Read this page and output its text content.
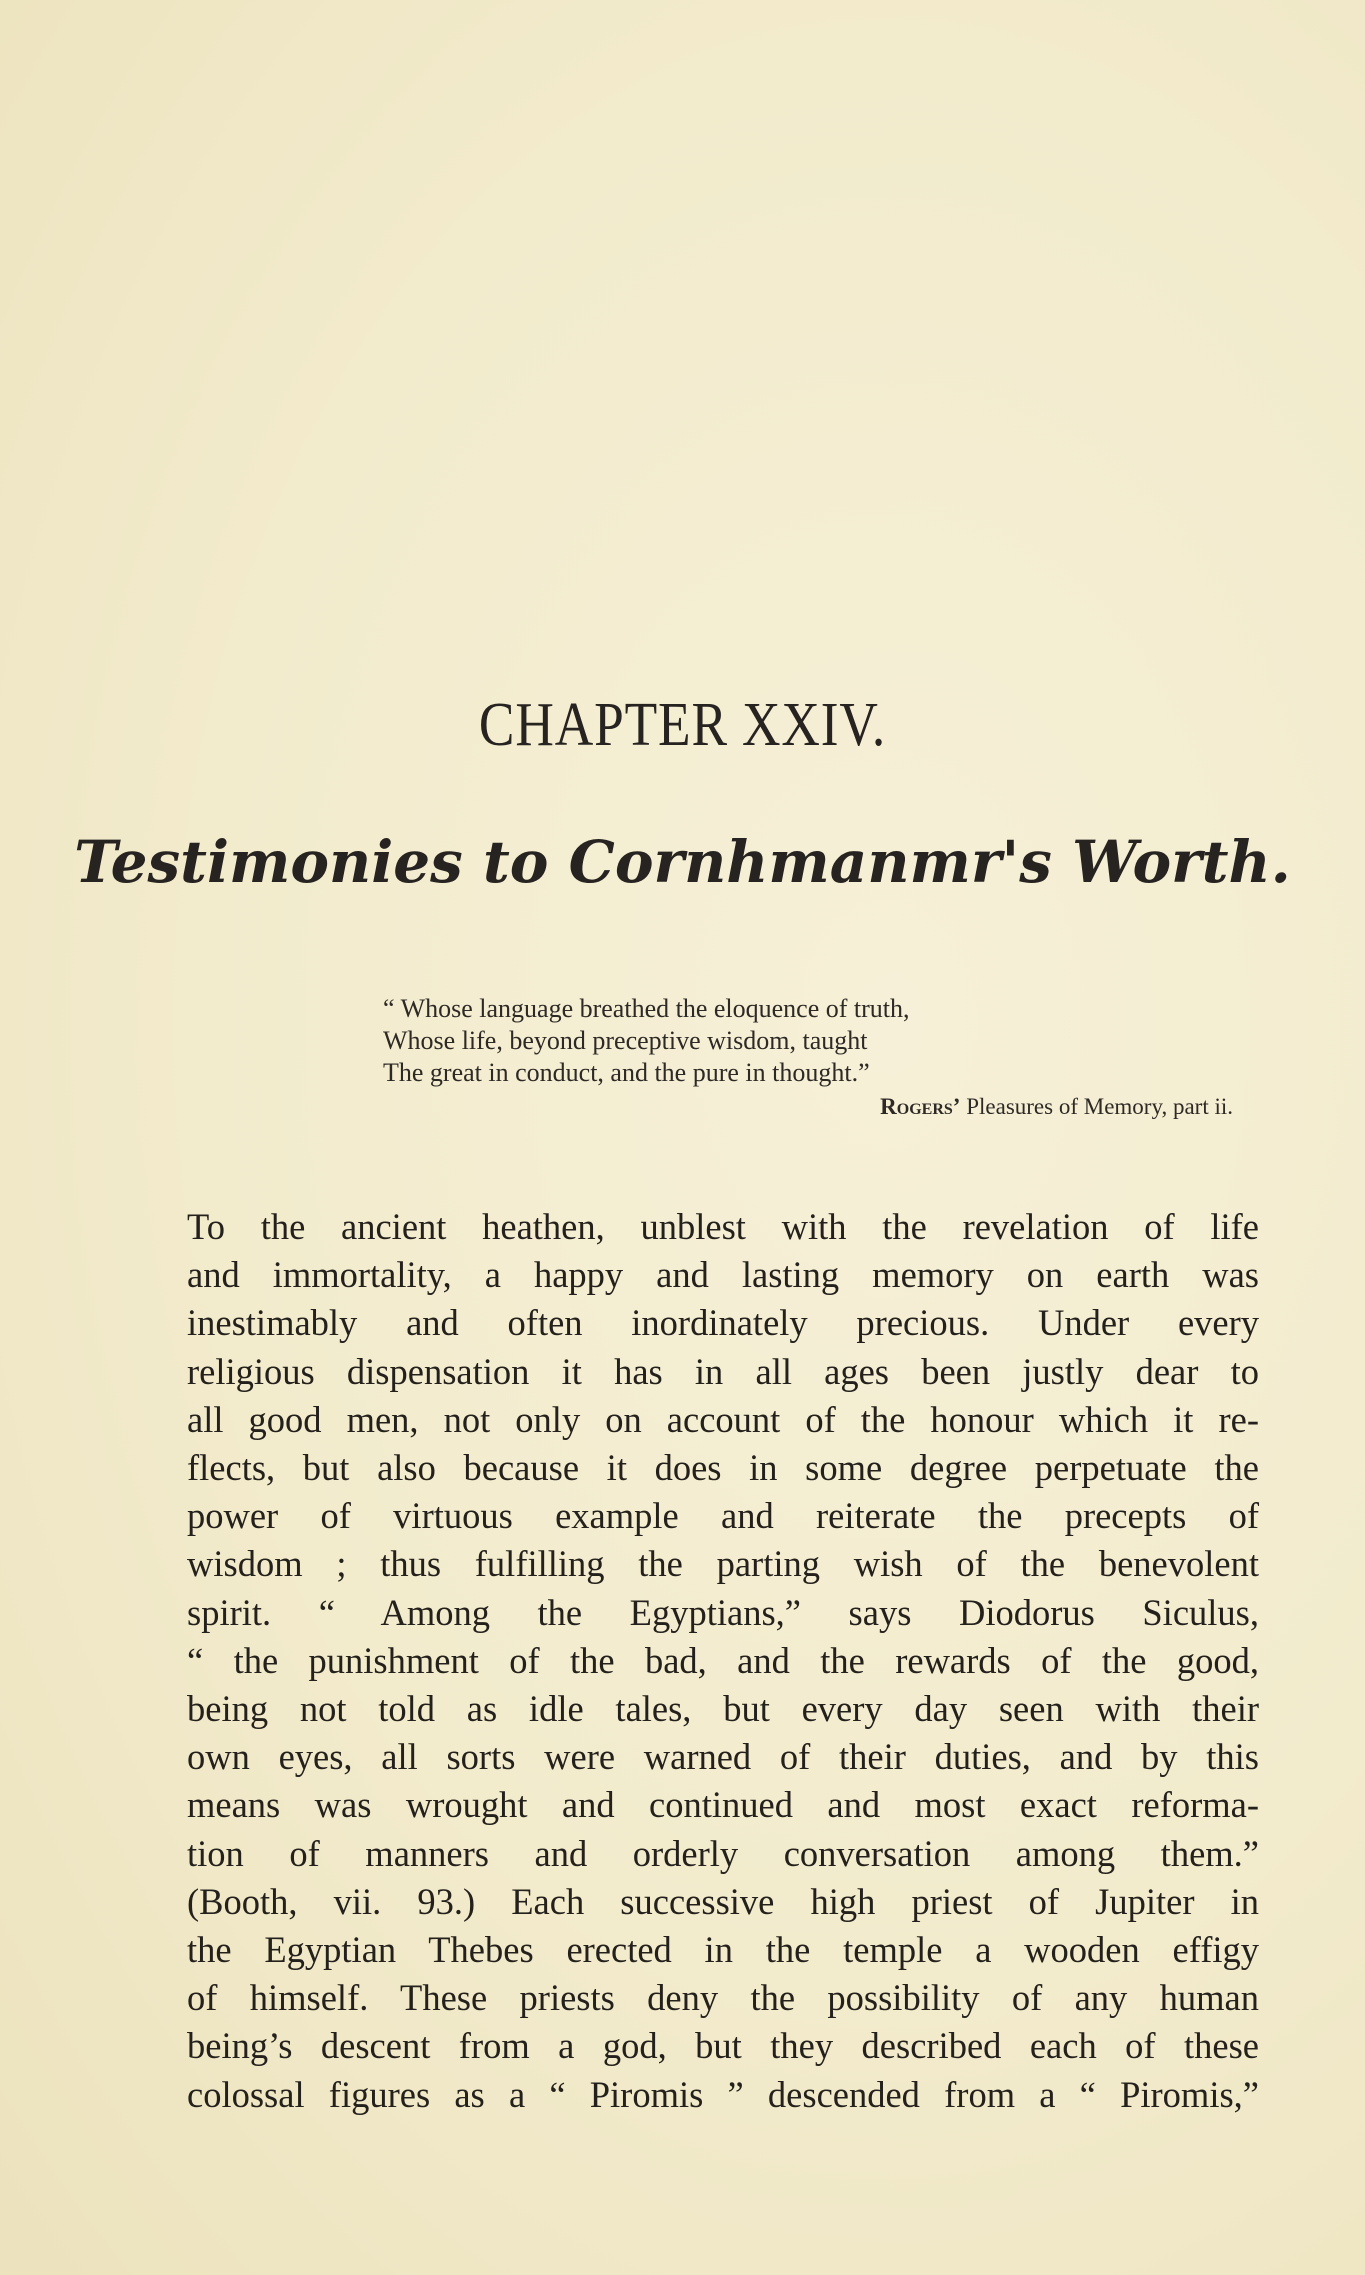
CHAPTER XXIV.
Testimonies to Cornhmanmr's Worth.
“ Whose language breathed the eloquence of truth,
Whose life, beyond preceptive wisdom, taught
The great in conduct, and the pure in thought.”
Rogers’ Pleasures of Memory, part ii.
To the ancient heathen, unblest with the revelation of life
and immortality, a happy and lasting memory on earth was
inestimably and often inordinately precious. Under every
religious dispensation it has in all ages been justly dear to
all good men, not only on account of the honour which it re-
flects, but also because it does in some degree perpetuate the
power of virtuous example and reiterate the precepts of
wisdom ; thus fulfilling the parting wish of the benevolent
spirit. “ Among the Egyptians,” says Diodorus Siculus,
“ the punishment of the bad, and the rewards of the good,
being not told as idle tales, but every day seen with their
own eyes, all sorts were warned of their duties, and by this
means was wrought and continued and most exact reforma-
tion of manners and orderly conversation among them.”
(Booth, vii. 93.) Each successive high priest of Jupiter in
the Egyptian Thebes erected in the temple a wooden effigy
of himself. These priests deny the possibility of any human
being’s descent from a god, but they described each of these
colossal figures as a “ Piromis ” descended from a “ Piromis,”
